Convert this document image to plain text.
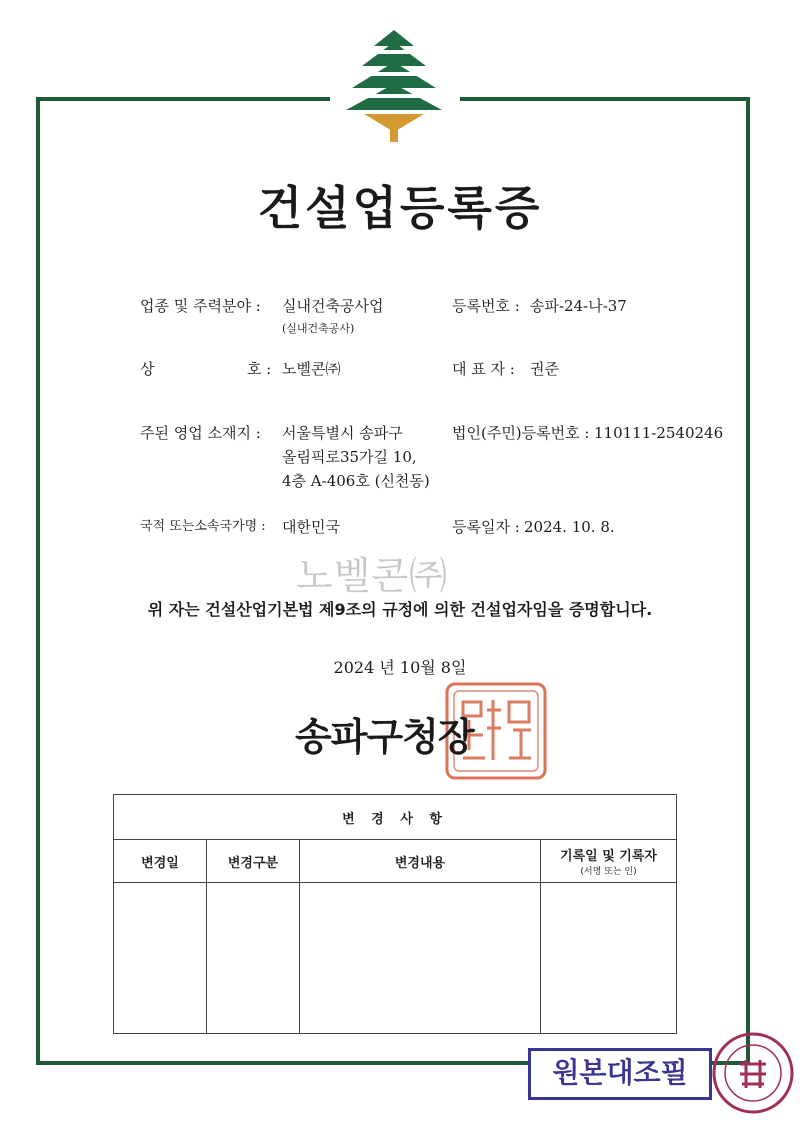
건설업등록증
업종 및 주력분야 : 실내건축공사업
(실내건축공사)
등록번호 : 송파-24-나-37
상	호 : 노벨콘㈜	대 표 자 : 권준
주된 영업 소재지 : 서울특별시 송파구
올림픽로35가길 10,
4층 A-406호 (신천동)
법인(주민)등록번호 : 110111-2540246
국적 또는소속국가명 : 대한민국	등록일자 : 2024. 10. 8.
노벨콘㈜
위 자는 건설산업기본법 제9조의 규정에 의한 건설업자임을 증명합니다.
2024 년 10월 8일
송파구청장
변 경 사 항			
변경일	변경구분	변경내용	기록일 및 기록자
(서명 또는 인)

원본대조필
